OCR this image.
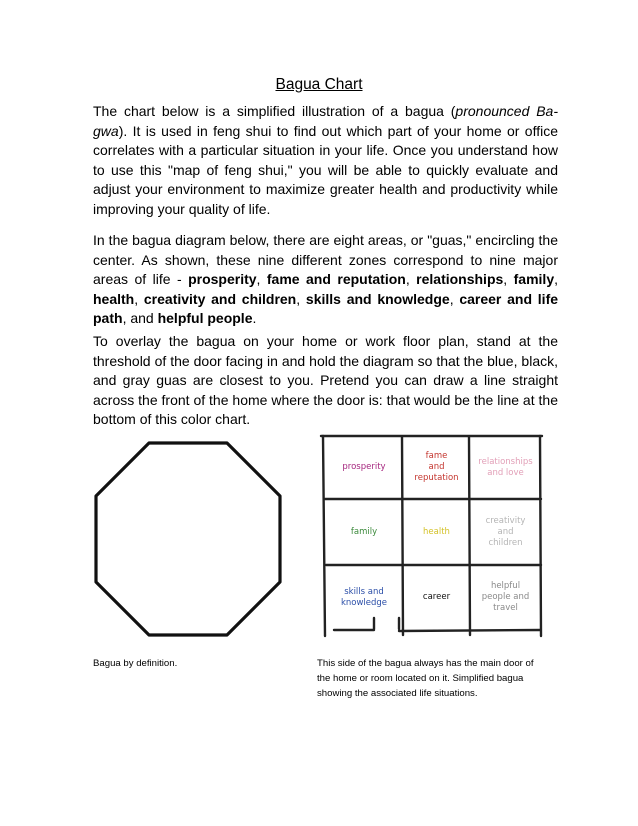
Bagua Chart

The chart below is a simplified illustration of a bagua (pronounced Ba-gwa). It is used in feng shui to find out which part of your home or office correlates with a particular situation in your life. Once you understand how to use this "map of feng shui," you will be able to quickly evaluate and adjust your environment to maximize greater health and productivity while improving your quality of life.

In the bagua diagram below, there are eight areas, or "guas," encircling the center. As shown, these nine different zones correspond to nine major areas of life - prosperity, fame and reputation, relationships, family, health, creativity and children, skills and knowledge, career and life path, and helpful people.

To overlay the bagua on your home or work floor plan, stand at the threshold of the door facing in and hold the diagram so that the blue, black, and gray guas are closest to you. Pretend you can draw a line straight across the front of the home where the door is: that would be the line at the bottom of this color chart.

prosperity
fame
and
reputation
relationships
and love
family	health
creativity
and
children
skills and
knowledge
career
helpful
people and
travel

Bagua by definition.	This side of the bagua always has the main door of the home or room located on it. Simplified bagua showing the associated life situations.
